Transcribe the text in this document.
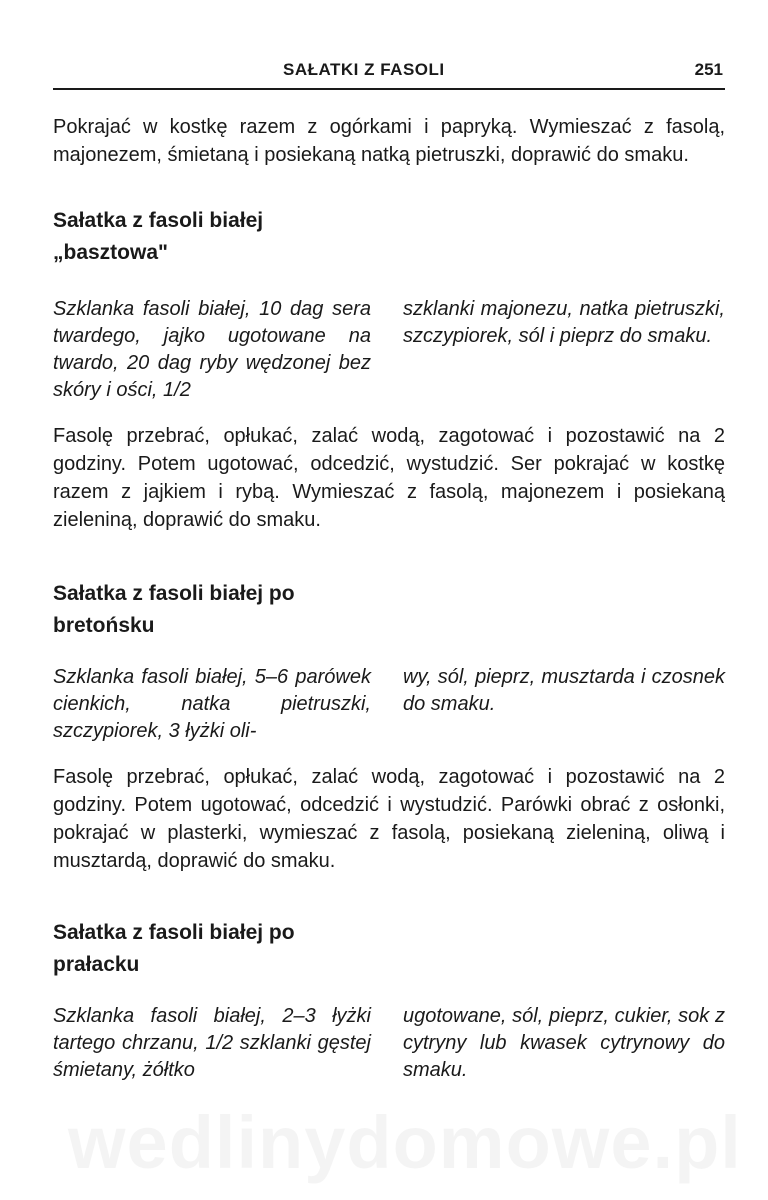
SAŁATKI Z FASOLI	251

Pokrajać w kostkę razem z ogórkami i papryką. Wymieszać z fasolą, majonezem, śmietaną i posiekaną natką pietruszki, doprawić do smaku.

Sałatka z fasoli białej „basztowa"
Szklanka fasoli białej, 10 dag sera twardego, jajko ugotowane na twardo, 20 dag ryby wędzonej bez skóry i ości, 1/2
szklanki majonezu, natka pietruszki, szczypiorek, sól i pieprz do smaku.

Fasolę przebrać, opłukać, zalać wodą, zagotować i pozostawić na 2 godziny. Potem ugotować, odcedzić, wystudzić. Ser pokrajać w kostkę razem z jajkiem i rybą. Wymieszać z fasolą, majonezem i posiekaną zieleniną, doprawić do smaku.

Sałatka z fasoli białej po bretońsku
Szklanka fasoli białej, 5–6 parówek cienkich, natka pietruszki, szczypiorek, 3 łyżki oli-
wy, sól, pieprz, musztarda i czosnek do smaku.

Fasolę przebrać, opłukać, zalać wodą, zagotować i pozostawić na 2 godziny. Potem ugotować, odcedzić i wystudzić. Parówki obrać z osłonki, pokrajać w plasterki, wymieszać z fasolą, posiekaną zieleniną, oliwą i musztardą, doprawić do smaku.

Sałatka z fasoli białej po prałacku
Szklanka fasoli białej, 2–3 łyżki tartego chrzanu, 1/2 szklanki gęstej śmietany, żółtko
ugotowane, sól, pieprz, cukier, sok z cytryny lub kwasek cytrynowy do smaku.
